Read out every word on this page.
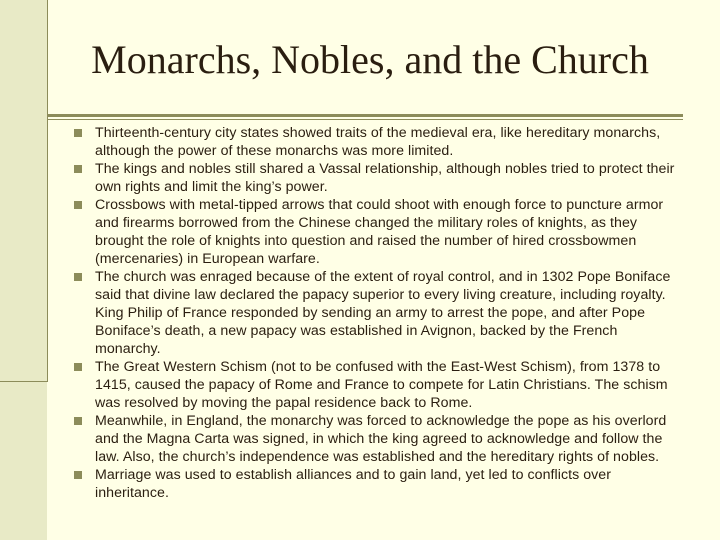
Monarchs, Nobles, and the Church
Thirteenth-century city states showed traits of the medieval era, like hereditary monarchs, although the power of these monarchs was more limited.
The kings and nobles still shared a Vassal relationship, although nobles tried to protect their own rights and limit the king’s power.
Crossbows with metal-tipped arrows that could shoot with enough force to puncture armor and firearms borrowed from the Chinese changed the military roles of knights, as they brought the role of knights into question and raised the number of hired crossbowmen (mercenaries) in European warfare.
The church was enraged because of the extent of royal control, and in 1302 Pope Boniface said that divine law declared the papacy superior to every living creature, including royalty. King Philip of France responded by sending an army to arrest the pope, and after Pope Boniface’s death, a new papacy was established in Avignon, backed by the French monarchy.
The Great Western Schism (not to be confused with the East-West Schism), from 1378 to 1415, caused the papacy of Rome and France to compete for Latin Christians. The schism was resolved by moving the papal residence back to Rome.
Meanwhile, in England, the monarchy was forced to acknowledge the pope as his overlord and the Magna Carta was signed, in which the king agreed to acknowledge and follow the law. Also, the church’s independence was established and the hereditary rights of nobles.
Marriage was used to establish alliances and to gain land, yet led to conflicts over inheritance.
